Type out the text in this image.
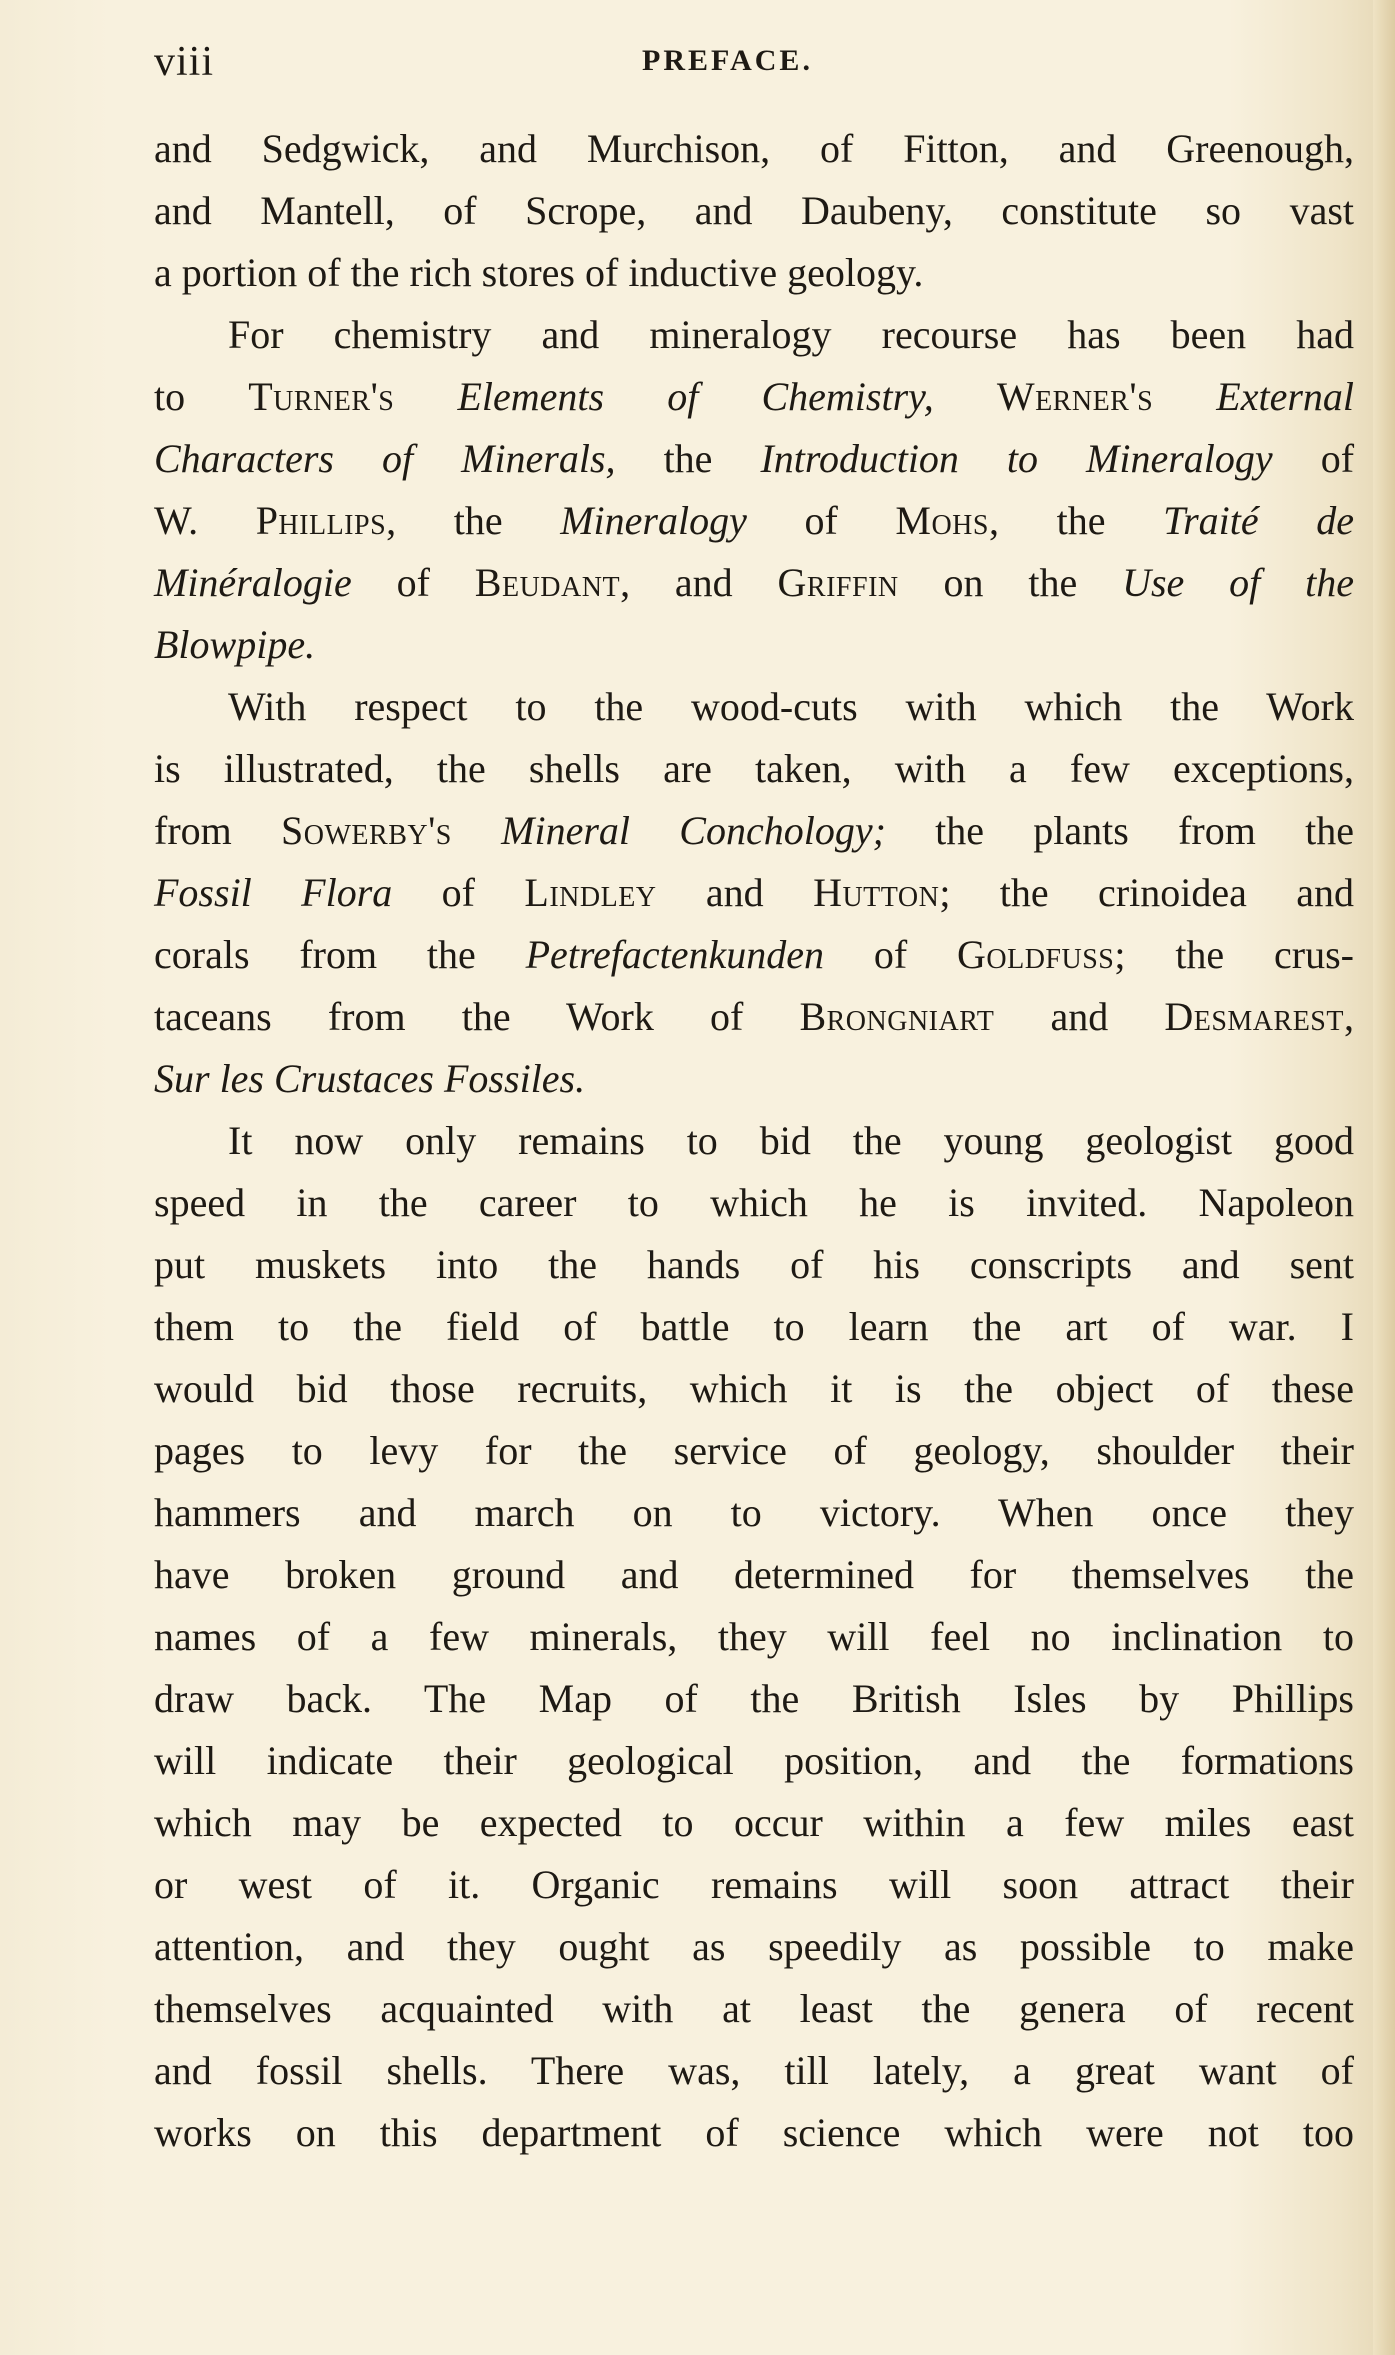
viii	PREFACE.
and Sedgwick, and Murchison, of Fitton, and Greenough,
and Mantell, of Scrope, and Daubeny, constitute so vast
a portion of the rich stores of inductive geology.
For chemistry and mineralogy recourse has been had
to Turner's Elements of Chemistry, Werner's External
Characters of Minerals, the Introduction to Mineralogy of
W. Phillips, the Mineralogy of Mohs, the Traité de
Minéralogie of Beudant, and Griffin on the Use of the
Blowpipe.
With respect to the wood-cuts with which the Work
is illustrated, the shells are taken, with a few exceptions,
from Sowerby's Mineral Conchology; the plants from the
Fossil Flora of Lindley and Hutton; the crinoidea and
corals from the Petrefactenkunden of Goldfuss; the crus-
taceans from the Work of Brongniart and Desmarest,
Sur les Crustaces Fossiles.
It now only remains to bid the young geologist good
speed in the career to which he is invited. Napoleon
put muskets into the hands of his conscripts and sent
them to the field of battle to learn the art of war. I
would bid those recruits, which it is the object of these
pages to levy for the service of geology, shoulder their
hammers and march on to victory. When once they
have broken ground and determined for themselves the
names of a few minerals, they will feel no inclination to
draw back. The Map of the British Isles by Phillips
will indicate their geological position, and the formations
which may be expected to occur within a few miles east
or west of it. Organic remains will soon attract their
attention, and they ought as speedily as possible to make
themselves acquainted with at least the genera of recent
and fossil shells. There was, till lately, a great want of
works on this department of science which were not too
